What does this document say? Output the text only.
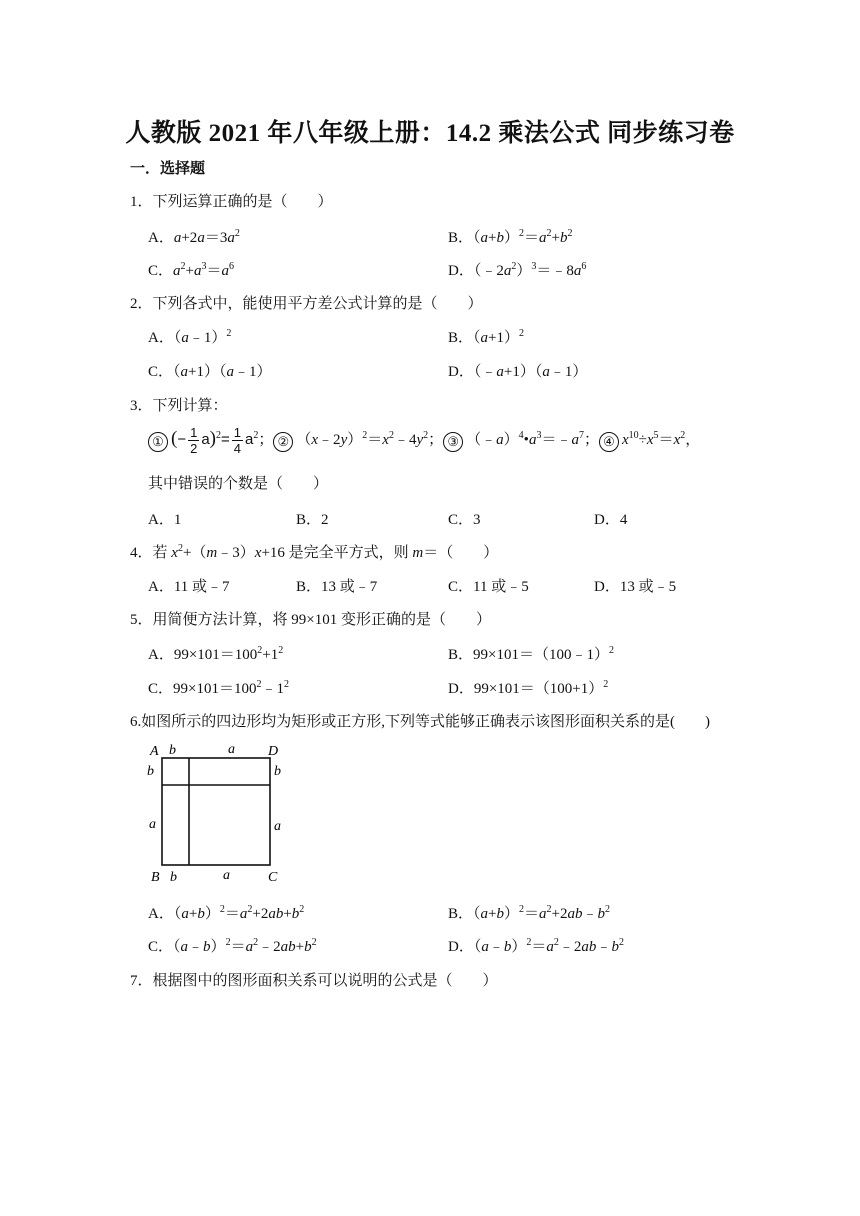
人教版 2021 年八年级上册：14.2 乘法公式 同步练习卷
一．选择题
1．下列运算正确的是（　　）
A．$a+2a=3a^2$	B．$(a+b)^2=a^2+b^2$
C．$a^2+a^3=a^6$	D．$(﹣2a^2)^3=﹣8a^6$
2．下列各式中，能使用平方差公式计算的是（　　）
A．（a﹣1）$^2$	B．$(a+1)^2$
C．（a+1）（a﹣1）	D．（﹣a+1）（a﹣1）
3．下列计算：
① (− $\frac{1}{2} a)^2= \frac{1}{4} a^2$； ② $(x﹣2y)^2=x^2﹣4y^2$； ③ $(﹣a)^4•a^3=﹣a^7$； ④ $x^{10}\div x^5=x^2$，
其中错误的个数是（　　）
A．1	B．2	C．3	D．4
4．若 $x^2+(m﹣3)x+16$ 是完全平方式，则 m＝（　　）
A．11 或﹣7	B．13 或﹣7	C．11 或﹣5	D．13 或﹣5
5．用简便方法计算，将 99×101 变形正确的是（　　）
A．$99\times 101=100^2+1^2$	B．99×101＝（100﹣1）$^2$
C．$99\times 101=100^2﹣1^2$	D．$99\times 101=(100+1)^2$
6.如图所示的四边形均为矩形或正方形,下列等式能够正确表示该图形面积关系的是(　　)
A b	a D
b	b
a	a
B b	a	C
A．$(a+b)^2=a^2+2ab+b^2$	B．$(a+b)^2=a^2+2ab﹣b^2$
C．$(a﹣b)^2=a^2﹣2ab+b^2$	D．$(a﹣b)^2=a^2﹣2ab﹣b^2$
7．根据图中的图形面积关系可以说明的公式是（　　）
